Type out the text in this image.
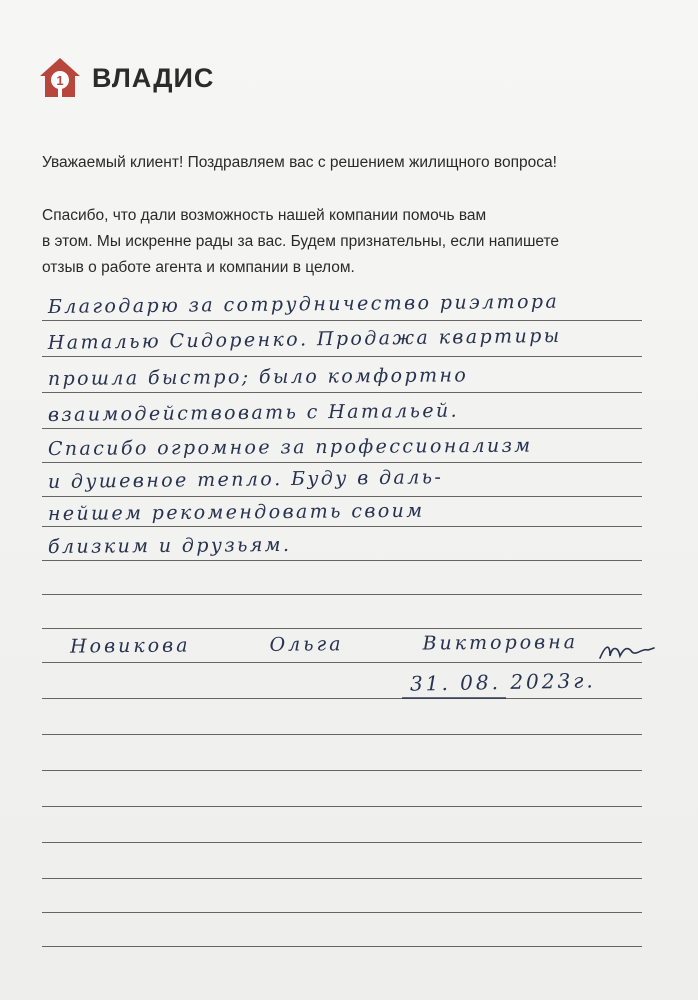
1 ВЛАДИС
Уважаемый клиент! Поздравляем вас с решением жилищного вопроса!
Спасибо, что дали возможность нашей компании помочь вам
в этом. Мы искренне рады за вас. Будем признательны, если напишете
отзыв о работе агента и компании в целом.
Благодарю за сотрудничество риэлтора
Наталью Сидоренко. Продажа квартиры
прошла быстро; было комфортно
взаимодействовать с Натальей.
Спасибо огромное за профессионализм
и душевное тепло. Буду в даль-
нейшем рекомендовать своим
близким и друзьям.
Новикова	Ольга	Викторовна
31. 08. 2023г.
